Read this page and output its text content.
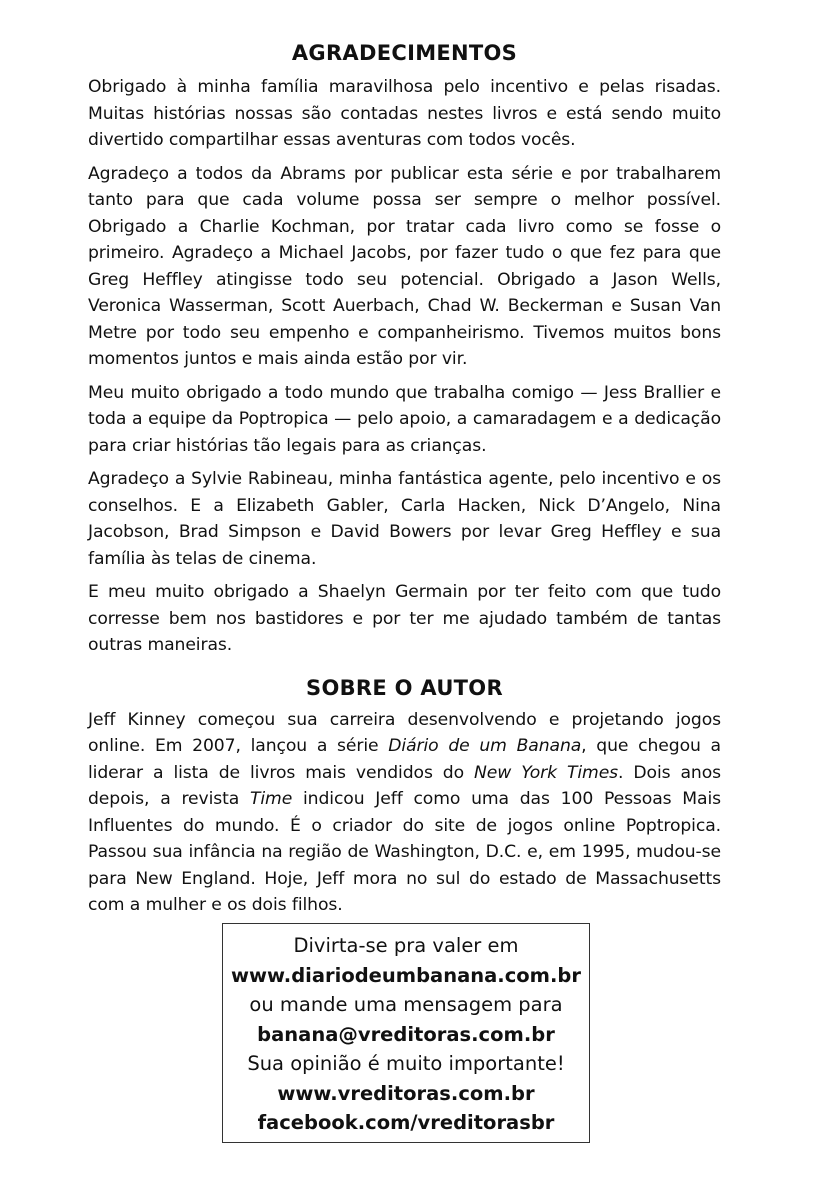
AGRADECIMENTOS

Obrigado à minha família maravilhosa pelo incentivo e pelas risadas. Muitas histórias nossas são contadas nestes livros e está sendo muito divertido compartilhar essas aventuras com todos vocês.

Agradeço a todos da Abrams por publicar esta série e por trabalharem tanto para que cada volume possa ser sempre o melhor possível. Obrigado a Charlie Kochman, por tratar cada livro como se fosse o primeiro. Agradeço a Michael Jacobs, por fazer tudo o que fez para que Greg Heffley atingisse todo seu potencial. Obrigado a Jason Wells, Veronica Wasserman, Scott Auerbach, Chad W. Beckerman e Susan Van Metre por todo seu empenho e companheirismo. Tivemos muitos bons momentos juntos e mais ainda estão por vir.

Meu muito obrigado a todo mundo que trabalha comigo — Jess Brallier e toda a equipe da Poptropica — pelo apoio, a camaradagem e a dedicação para criar histórias tão legais para as crianças.

Agradeço a Sylvie Rabineau, minha fantástica agente, pelo incentivo e os conselhos. E a Elizabeth Gabler, Carla Hacken, Nick D’Angelo, Nina Jacobson, Brad Simpson e David Bowers por levar Greg Heffley e sua família às telas de cinema.

E meu muito obrigado a Shaelyn Germain por ter feito com que tudo corresse bem nos bastidores e por ter me ajudado também de tantas outras maneiras.

SOBRE O AUTOR

Jeff Kinney começou sua carreira desenvolvendo e projetando jogos online. Em 2007, lançou a série Diário de um Banana, que chegou a liderar a lista de livros mais vendidos do New York Times. Dois anos depois, a revista Time indicou Jeff como uma das 100 Pessoas Mais Influentes do mundo. É o criador do site de jogos online Poptropica. Passou sua infância na região de Washington, D.C. e, em 1995, mudou-se para New England. Hoje, Jeff mora no sul do estado de Massachusetts com a mulher e os dois filhos.

Divirta-se pra valer em
www.diariodeumbanana.com.br
ou mande uma mensagem para
banana@vreditoras.com.br
Sua opinião é muito importante!
www.vreditoras.com.br
facebook.com/vreditorasbr
